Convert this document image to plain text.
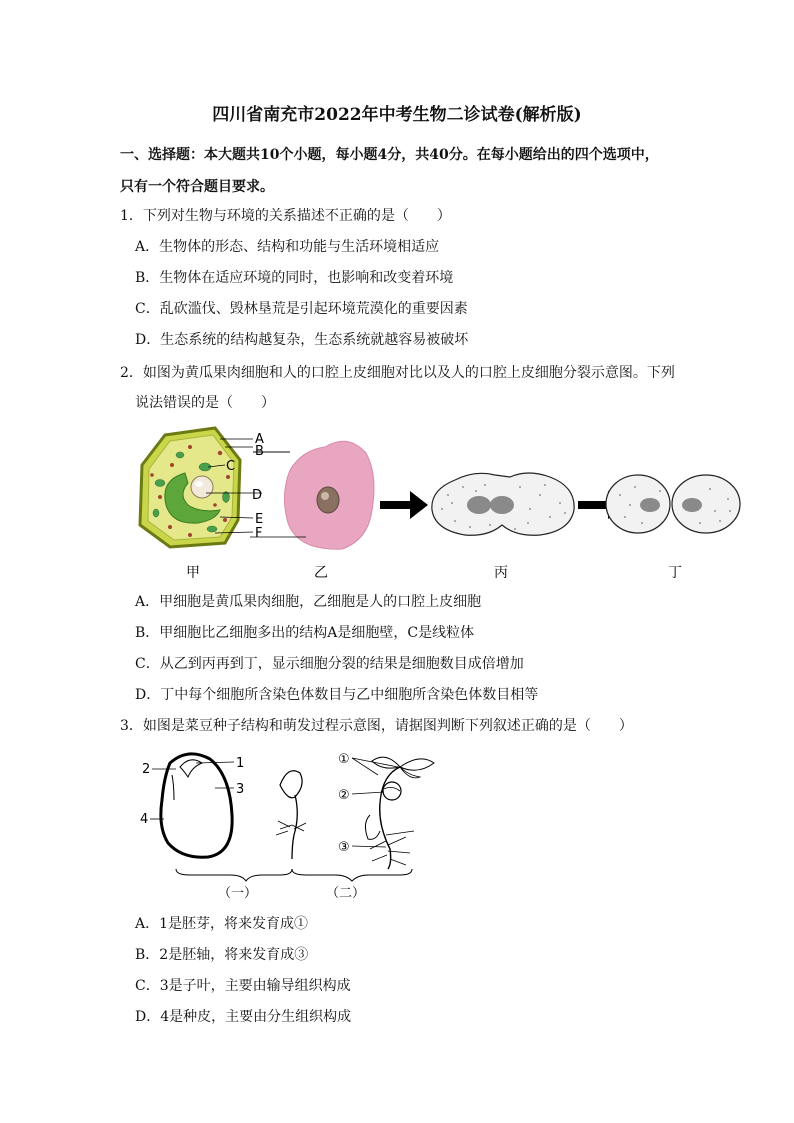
四川省南充市2022年中考生物二诊试卷(解析版)
一、选择题：本大题共10个小题，每小题4分，共40分。在每小题给出的四个选项中，
只有一个符合题目要求。
1．下列对生物与环境的关系描述不正确的是（　　）
A．生物体的形态、结构和功能与生活环境相适应
B．生物体在适应环境的同时，也影响和改变着环境
C．乱砍滥伐、毁林垦荒是引起环境荒漠化的重要因素
D．生态系统的结构越复杂，生态系统就越容易被破坏
2．如图为黄瓜果肉细胞和人的口腔上皮细胞对比以及人的口腔上皮细胞分裂示意图。下列
说法错误的是（　　）
A
B
C
D
E
F
甲	乙	丙	丁
A．甲细胞是黄瓜果肉细胞，乙细胞是人的口腔上皮细胞
B．甲细胞比乙细胞多出的结构A是细胞壁，C是线粒体
C．从乙到丙再到丁，显示细胞分裂的结果是细胞数目成倍增加
D．丁中每个细胞所含染色体数目与乙中细胞所含染色体数目相等
3．如图是菜豆种子结构和萌发过程示意图，请据图判断下列叙述正确的是（　　）
1
2
3
4
①
②
③
（一）	（二）
A．1是胚芽，将来发育成①
B．2是胚轴，将来发育成③
C．3是子叶，主要由输导组织构成
D．4是种皮，主要由分生组织构成
